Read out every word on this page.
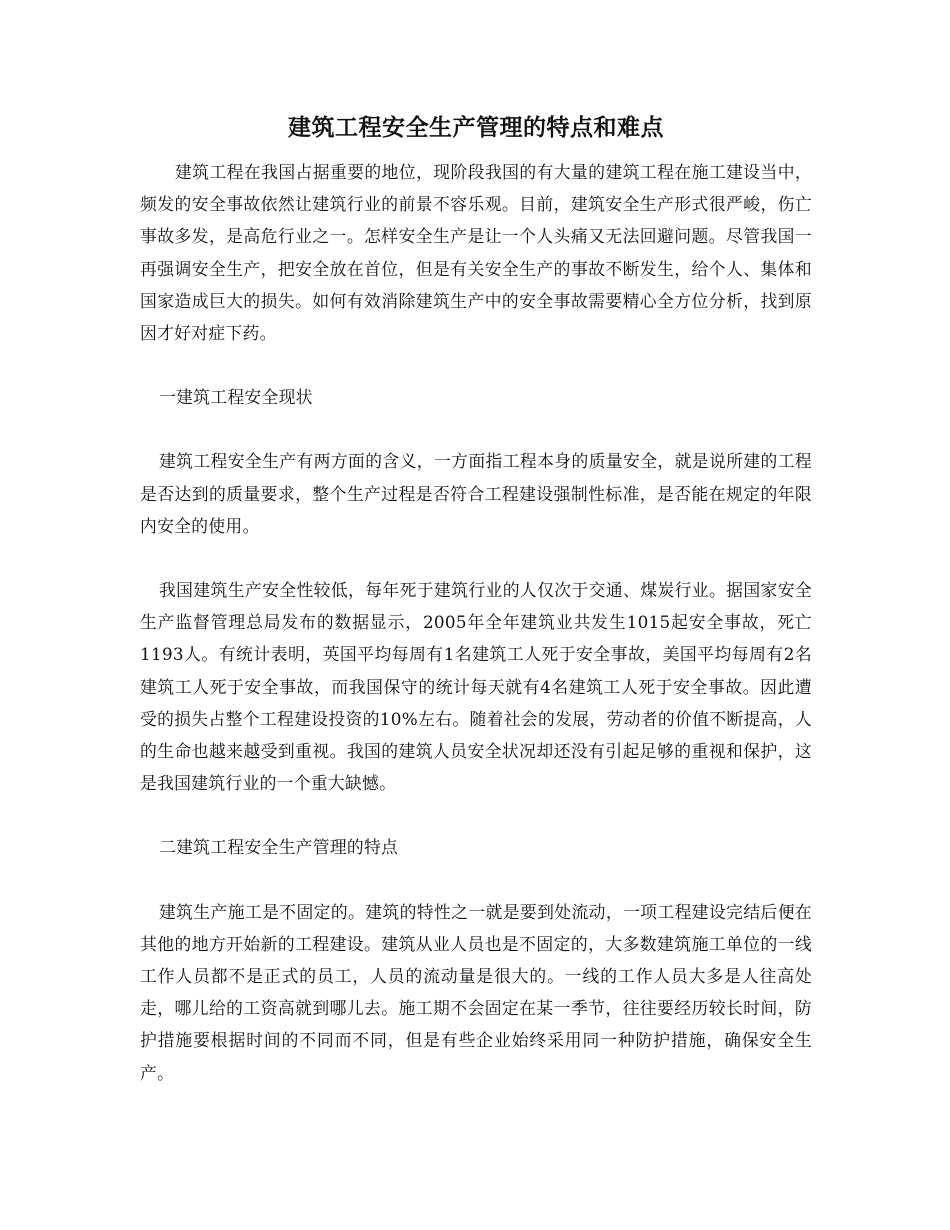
建筑工程安全生产管理的特点和难点

建筑工程在我国占据重要的地位，现阶段我国的有大量的建筑工程在施工建设当中，频发的安全事故依然让建筑行业的前景不容乐观。目前，建筑安全生产形式很严峻，伤亡事故多发，是高危行业之一。怎样安全生产是让一个人头痛又无法回避问题。尽管我国一再强调安全生产，把安全放在首位，但是有关安全生产的事故不断发生，给个人、集体和国家造成巨大的损失。如何有效消除建筑生产中的安全事故需要精心全方位分析，找到原因才好对症下药。

一建筑工程安全现状

建筑工程安全生产有两方面的含义，一方面指工程本身的质量安全，就是说所建的工程是否达到的质量要求，整个生产过程是否符合工程建设强制性标准，是否能在规定的年限内安全的使用。

我国建筑生产安全性较低，每年死于建筑行业的人仅次于交通、煤炭行业。据国家安全生产监督管理总局发布的数据显示，2005年全年建筑业共发生1015起安全事故，死亡1193人。有统计表明，英国平均每周有1名建筑工人死于安全事故，美国平均每周有2名建筑工人死于安全事故，而我国保守的统计每天就有4名建筑工人死于安全事故。因此遭受的损失占整个工程建设投资的10%左右。随着社会的发展，劳动者的价值不断提高，人的生命也越来越受到重视。我国的建筑人员安全状况却还没有引起足够的重视和保护，这是我国建筑行业的一个重大缺憾。

二建筑工程安全生产管理的特点

建筑生产施工是不固定的。建筑的特性之一就是要到处流动，一项工程建设完结后便在其他的地方开始新的工程建设。建筑从业人员也是不固定的，大多数建筑施工单位的一线工作人员都不是正式的员工，人员的流动量是很大的。一线的工作人员大多是人往高处走，哪儿给的工资高就到哪儿去。施工期不会固定在某一季节，往往要经历较长时间，防护措施要根据时间的不同而不同，但是有些企业始终采用同一种防护措施，确保安全生产。
